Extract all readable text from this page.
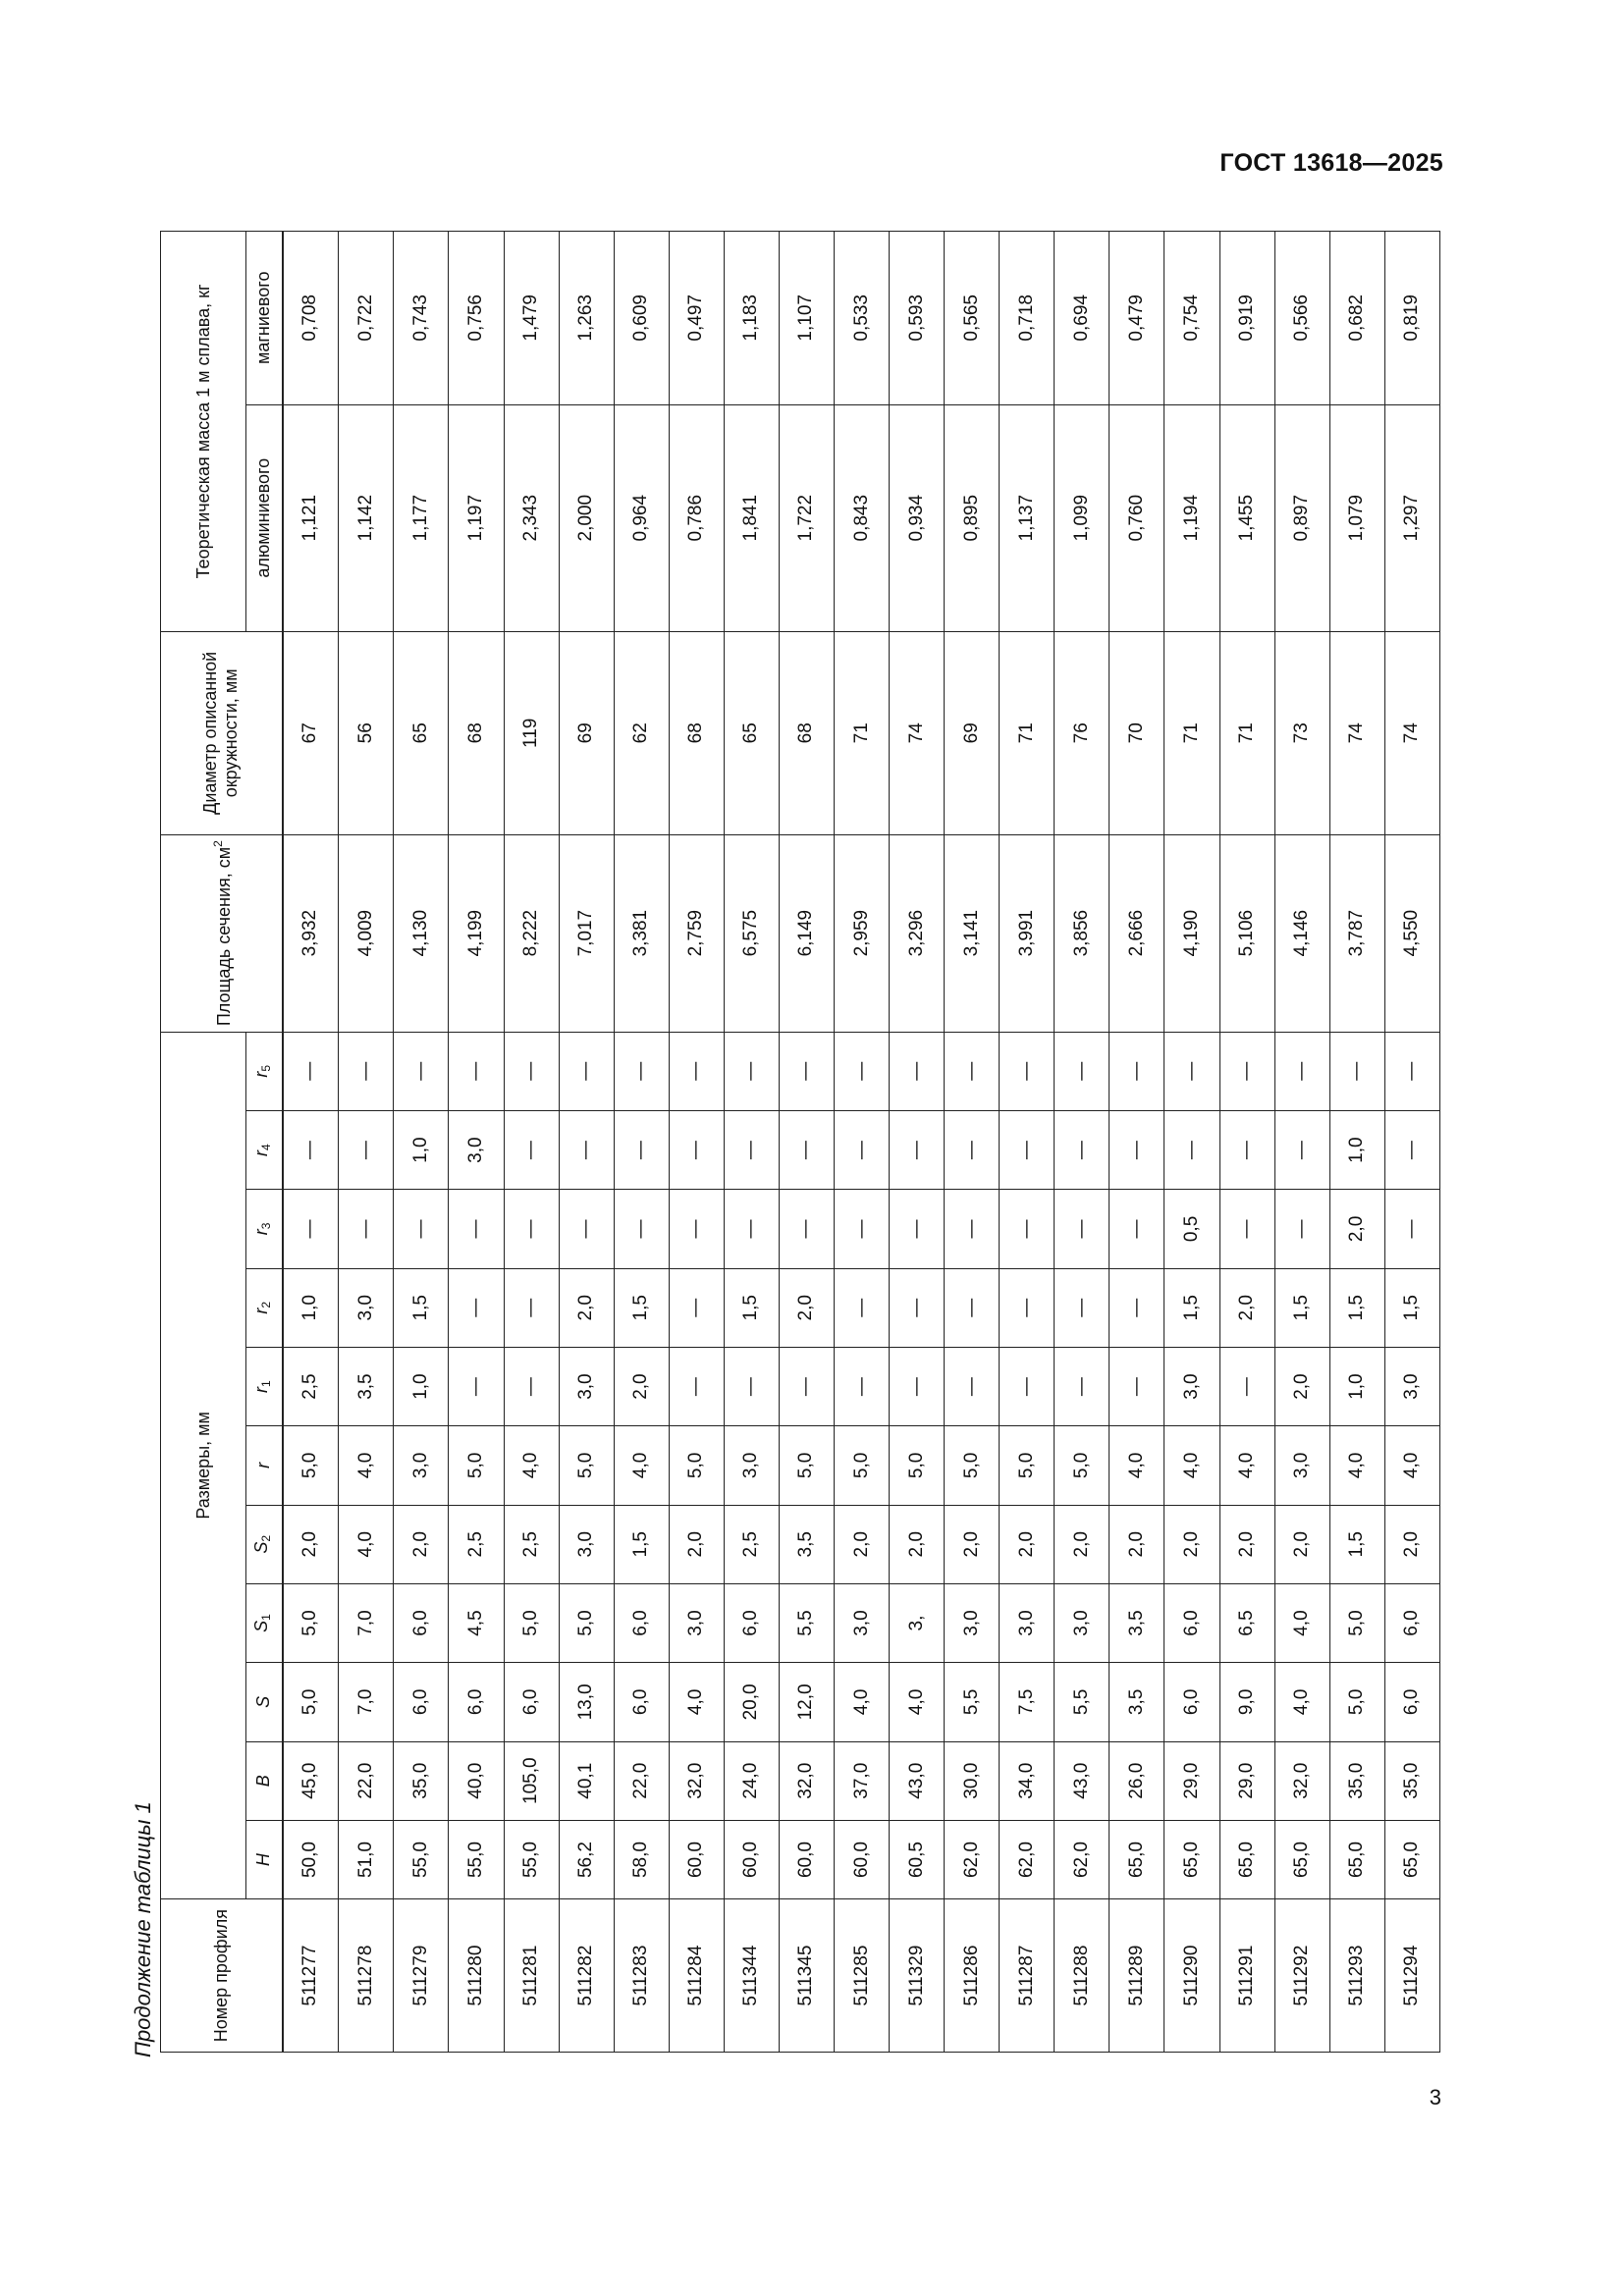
ГОСТ 13618—2025
Продолжение таблицы 1	Номер профиля	Размеры, мм											Площадь сечения, $см^2$	Диаметр описанной окружности, мм	Теоретическая масса 1 м сплава, кг	
	H	B	S	$S_1$	$S_2$	r	$r_1$	$r_2$	$r_3$	$r_4$	$r_5$			алюминиевого	магниевого
511277	50,0	45,0	5,0	5,0	2,0	5,0	2,5	1,0	—	—	—	3,932	67	1,121	0,708
511278	51,0	22,0	7,0	7,0	4,0	4,0	3,5	3,0	—	—	—	4,009	56	1,142	0,722
511279	55,0	35,0	6,0	6,0	2,0	3,0	1,0	1,5	—	1,0	—	4,130	65	1,177	0,743
511280	55,0	40,0	6,0	4,5	2,5	5,0	—	—	—	3,0	—	4,199	68	1,197	0,756
511281	55,0	105,0	6,0	5,0	2,5	4,0	—	—	—	—	—	8,222	119	2,343	1,479
511282	56,2	40,1	13,0	5,0	3,0	5,0	3,0	2,0	—	—	—	7,017	69	2,000	1,263
511283	58,0	22,0	6,0	6,0	1,5	4,0	2,0	1,5	—	—	—	3,381	62	0,964	0,609
511284	60,0	32,0	4,0	3,0	2,0	5,0	—	—	—	—	—	2,759	68	0,786	0,497
511344	60,0	24,0	20,0	6,0	2,5	3,0	—	1,5	—	—	—	6,575	65	1,841	1,183
511345	60,0	32,0	12,0	5,5	3,5	5,0	—	2,0	—	—	—	6,149	68	1,722	1,107
511285	60,0	37,0	4,0	3,0	2,0	5,0	—	—	—	—	—	2,959	71	0,843	0,533
511329	60,5	43,0	4,0	3,	2,0	5,0	—	—	—	—	—	3,296	74	0,934	0,593
511286	62,0	30,0	5,5	3,0	2,0	5,0	—	—	—	—	—	3,141	69	0,895	0,565
511287	62,0	34,0	7,5	3,0	2,0	5,0	—	—	—	—	—	3,991	71	1,137	0,718
511288	62,0	43,0	5,5	3,0	2,0	5,0	—	—	—	—	—	3,856	76	1,099	0,694
511289	65,0	26,0	3,5	3,5	2,0	4,0	—	—	—	—	—	2,666	70	0,760	0,479
511290	65,0	29,0	6,0	6,0	2,0	4,0	3,0	1,5	0,5	—	—	4,190	71	1,194	0,754
511291	65,0	29,0	9,0	6,5	2,0	4,0	—	2,0	—	—	—	5,106	71	1,455	0,919
511292	65,0	32,0	4,0	4,0	2,0	3,0	2,0	1,5	—	—	—	4,146	73	0,897	0,566
511293	65,0	35,0	5,0	5,0	1,5	4,0	1,0	1,5	2,0	1,0	—	3,787	74	1,079	0,682
511294	65,0	35,0	6,0	6,0	2,0	4,0	3,0	1,5	—	—	—	4,550	74	1,297	0,819
3
